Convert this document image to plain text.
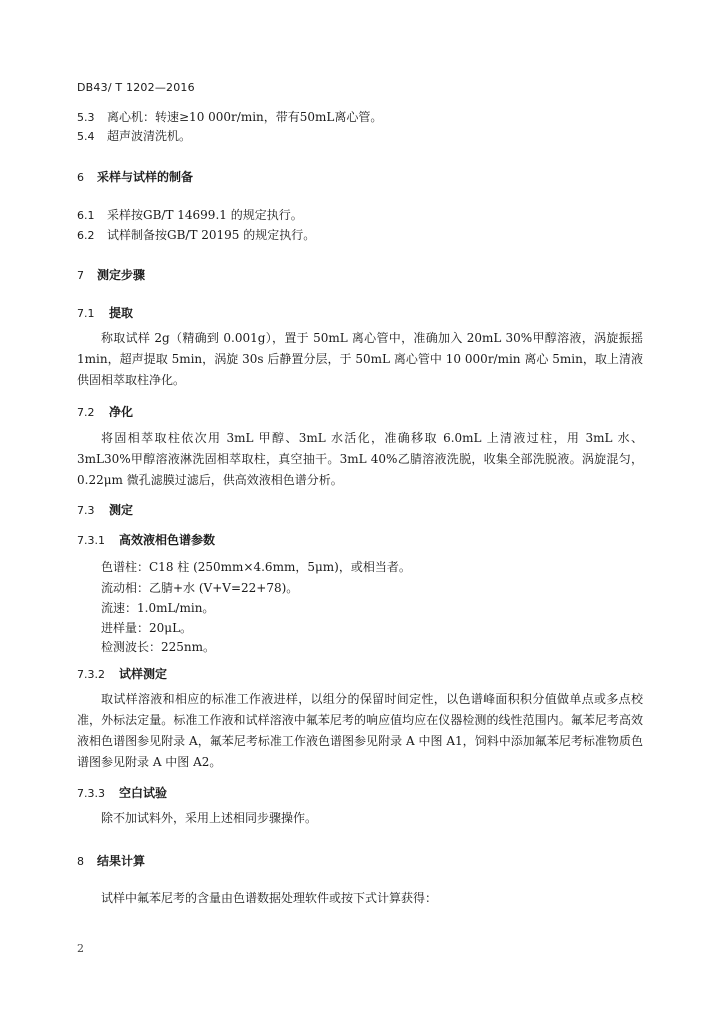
DB43/ T 1202—2016
5.3 离心机：转速≥10 000r/min，带有50mL离心管。
5.4 超声波清洗机。
6 采样与试样的制备
6.1 采样按GB/T 14699.1 的规定执行。
6.2 试样制备按GB/T 20195 的规定执行。
7 测定步骤
7.1 提取
称取试样 2g（精确到 0.001g），置于 50mL 离心管中，准确加入 20mL 30%甲醇溶液，涡旋振摇 1min，超声提取 5min，涡旋 30s 后静置分层，于 50mL 离心管中 10 000r/min 离心 5min，取上清液供固相萃取柱净化。
7.2 净化
将固相萃取柱依次用 3mL 甲醇、3mL 水活化，准确移取 6.0mL 上清液过柱，用 3mL 水、3mL30%甲醇溶液淋洗固相萃取柱，真空抽干。3mL 40%乙腈溶液洗脱，收集全部洗脱液。涡旋混匀， 0.22μm 微孔滤膜过滤后，供高效液相色谱分析。
7.3 测定
7.3.1 高效液相色谱参数
色谱柱：C18 柱 (250mm×4.6mm，5μm)，或相当者。
流动相：乙腈+水 (V+V=22+78)。
流速：1.0mL/min。
进样量：20μL。
检测波长：225nm。
7.3.2 试样测定
取试样溶液和相应的标准工作液进样，以组分的保留时间定性，以色谱峰面积积分值做单点或多点校准，外标法定量。标准工作液和试样溶液中氟苯尼考的响应值均应在仪器检测的线性范围内。氟苯尼考高效液相色谱图参见附录 A，氟苯尼考标准工作液色谱图参见附录 A 中图 A1，饲料中添加氟苯尼考标准物质色谱图参见附录 A 中图 A2。
7.3.3 空白试验
除不加试料外，采用上述相同步骤操作。
8 结果计算
试样中氟苯尼考的含量由色谱数据处理软件或按下式计算获得：
2
